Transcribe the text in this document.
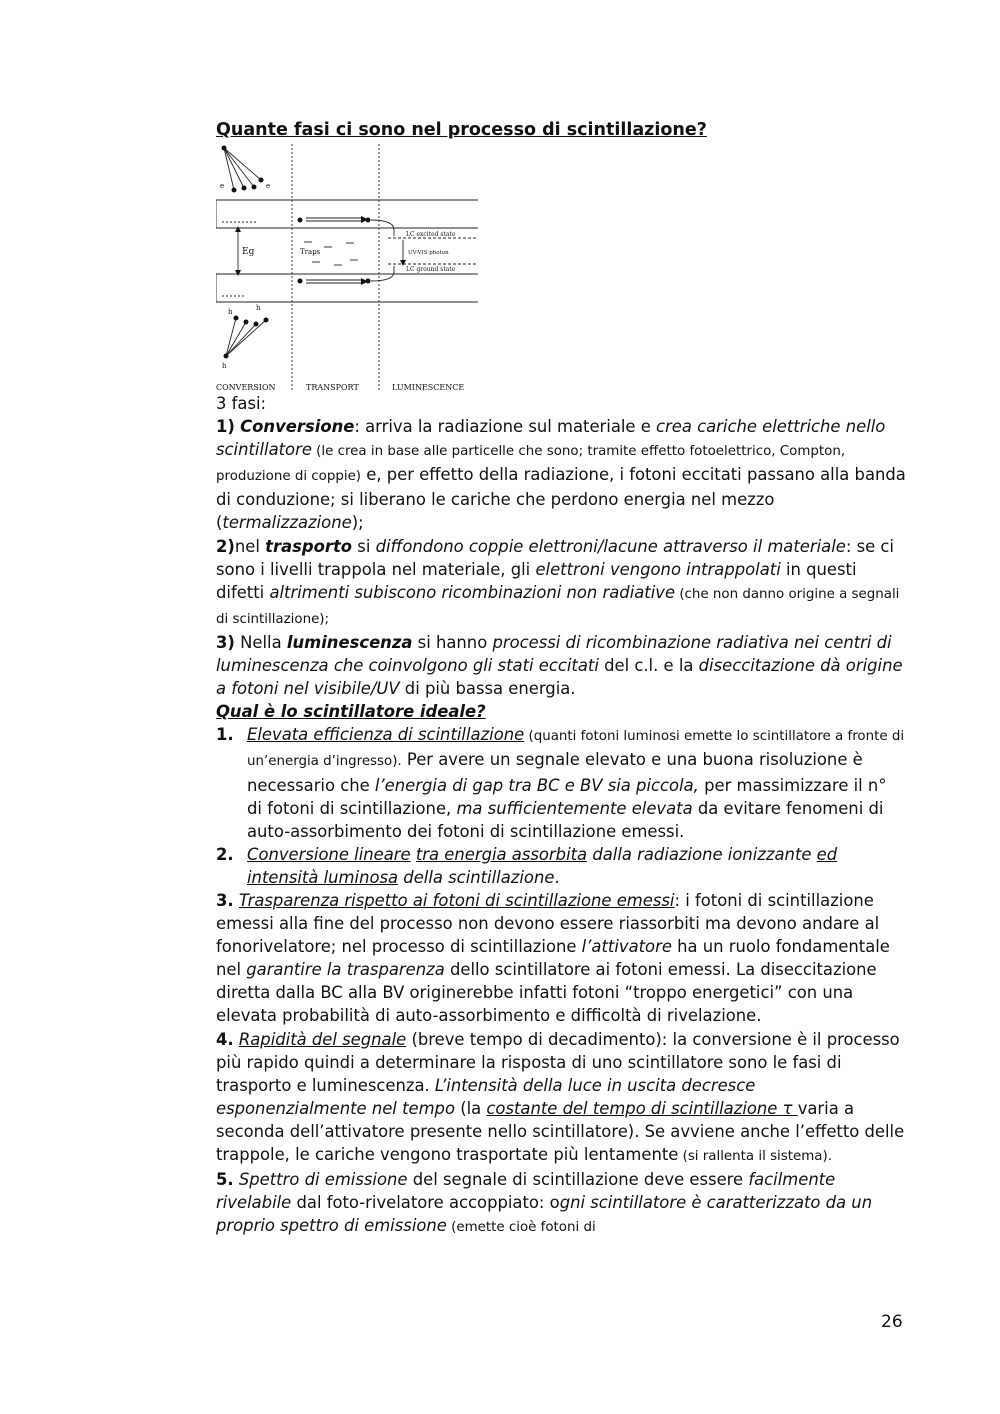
Quante fasi ci sono nel processo di scintillazione?
e	e
Eg	Traps
LC excited state
UV-VIS photon
LC ground state
h	h
h
CONVERSION	TRANSPORT	LUMINESCENCE

3 fasi:

1) Conversione: arriva la radiazione sul materiale e crea cariche elettriche nello scintillatore (le crea in base alle particelle che sono; tramite effetto fotoelettrico, Compton, produzione di coppie) e, per effetto della radiazione, i fotoni eccitati passano alla banda di conduzione; si liberano le cariche che perdono energia nel mezzo (termalizzazione);

2)nel trasporto si diffondono coppie elettroni/lacune attraverso il materiale: se ci sono i livelli trappola nel materiale, gli elettroni vengono intrappolati in questi difetti altrimenti subiscono ricombinazioni non radiative (che non danno origine a segnali di scintillazione);

3) Nella luminescenza si hanno processi di ricombinazione radiativa nei centri di luminescenza che coinvolgono gli stati eccitati del c.l. e la diseccitazione dà origine a fotoni nel visibile/UV di più bassa energia.

Qual è lo scintillatore ideale?

1. Elevata efficienza di scintillazione (quanti fotoni luminosi emette lo scintillatore a fronte di un’energia d’ingresso). Per avere un segnale elevato e una buona risoluzione è necessario che l’energia di gap tra BC e BV sia piccola, per massimizzare il n° di fotoni di scintillazione, ma sufficientemente elevata da evitare fenomeni di auto-assorbimento dei fotoni di scintillazione emessi.
2. Conversione lineare tra energia assorbita dalla radiazione ionizzante ed intensità luminosa della scintillazione.

3. Trasparenza rispetto ai fotoni di scintillazione emessi: i fotoni di scintillazione emessi alla fine del processo non devono essere riassorbiti ma devono andare al fonorivelatore; nel processo di scintillazione l’attivatore ha un ruolo fondamentale nel garantire la trasparenza dello scintillatore ai fotoni emessi. La diseccitazione diretta dalla BC alla BV originerebbe infatti fotoni “troppo energetici” con una elevata probabilità di auto-assorbimento e difficoltà di rivelazione.

4. Rapidità del segnale (breve tempo di decadimento): la conversione è il processo più rapido quindi a determinare la risposta di uno scintillatore sono le fasi di trasporto e luminescenza. L’intensità della luce in uscita decresce esponenzialmente nel tempo (la costante del tempo di scintillazione τ varia a seconda dell’attivatore presente nello scintillatore). Se avviene anche l’effetto delle trappole, le cariche vengono trasportate più lentamente (si rallenta il sistema).

5. Spettro di emissione del segnale di scintillazione deve essere facilmente rivelabile dal foto-rivelatore accoppiato: ogni scintillatore è caratterizzato da un proprio spettro di emissione (emette cioè fotoni di

26
